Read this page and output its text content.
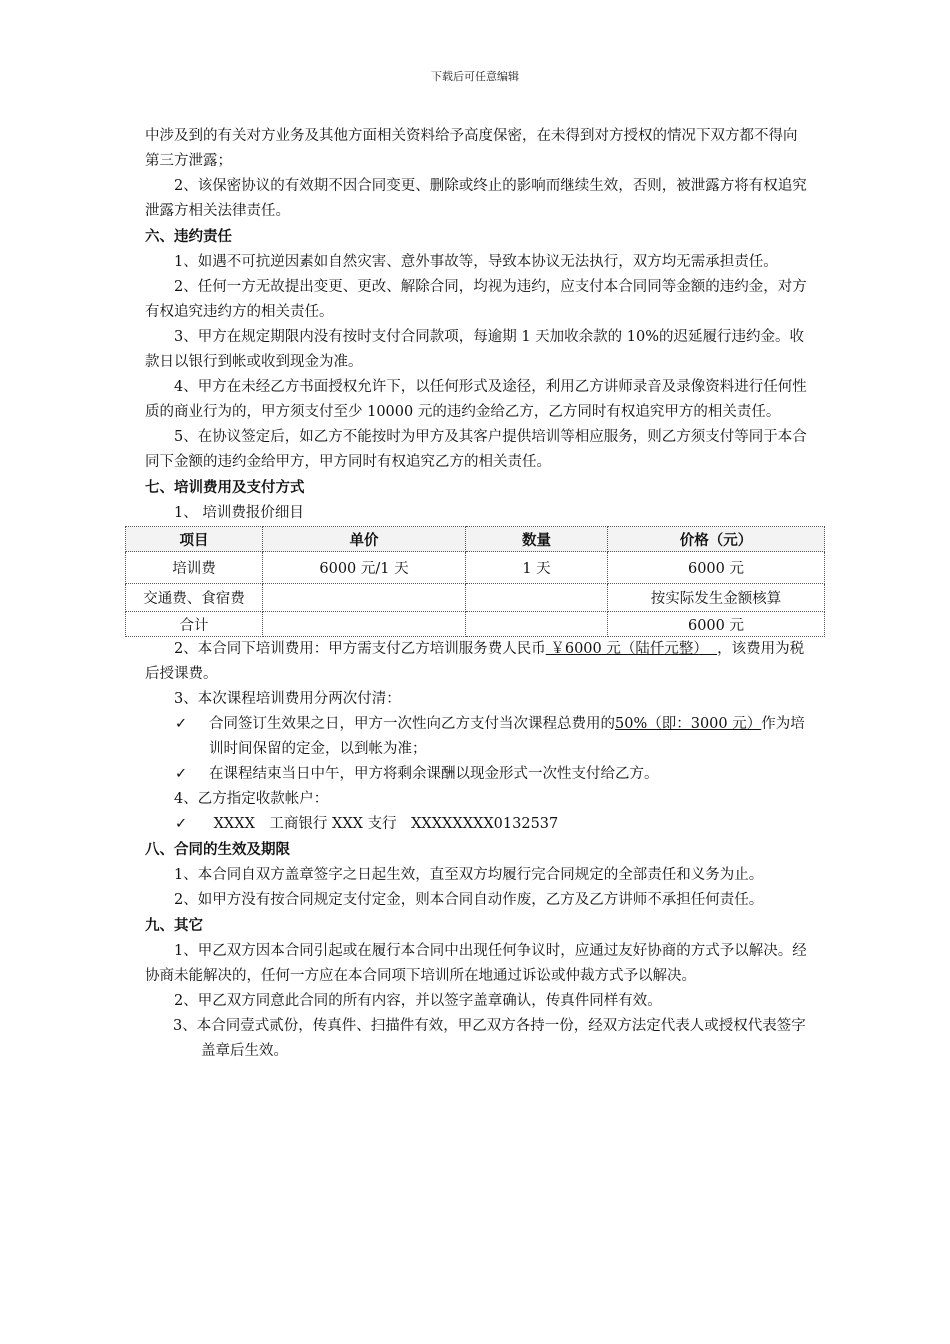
下载后可任意编辑

中涉及到的有关对方业务及其他方面相关资料给予高度保密，在未得到对方授权的情况下双方都不得向第三方泄露；

2、该保密协议的有效期不因合同变更、删除或终止的影响而继续生效，否则，被泄露方将有权追究泄露方相关法律责任。

六、违约责任

1、如遇不可抗逆因素如自然灾害、意外事故等，导致本协议无法执行，双方均无需承担责任。

2、任何一方无故提出变更、更改、解除合同，均视为违约，应支付本合同同等金额的违约金，对方有权追究违约方的相关责任。

3、甲方在规定期限内没有按时支付合同款项，每逾期 1 天加收余款的 10%的迟延履行违约金。收款日以银行到帐或收到现金为准。

4、甲方在未经乙方书面授权允许下，以任何形式及途径，利用乙方讲师录音及录像资料进行任何性质的商业行为的，甲方须支付至少 10000 元的违约金给乙方，乙方同时有权追究甲方的相关责任。

5、在协议签定后，如乙方不能按时为甲方及其客户提供培训等相应服务，则乙方须支付等同于本合同下金额的违约金给甲方，甲方同时有权追究乙方的相关责任。

七、培训费用及支付方式

1、 培训费报价细目

项目	单价	数量	价格（元）
培训费	6000 元/1 天	1 天	6000 元
交通费、食宿费			按实际发生金额核算
合计			6000 元

2、本合同下培训费用：甲方需支付乙方培训服务费人民币 ￥6000 元（陆仟元整）  ，该费用为税后授课费。

3、本次课程培训费用分两次付清：

✓	合同签订生效果之日，甲方一次性向乙方支付当次课程总费用的50%（即：3000 元）作为培训时间保留的定金，以到帐为准；
✓	在课程结束当日中午，甲方将剩余课酬以现金形式一次性支付给乙方。

4、乙方指定收款帐户：

✓	XXXX　工商银行 XXX 支行　XXXXXXXX0132537
八、合同的生效及期限

1、本合同自双方盖章签字之日起生效，直至双方均履行完合同规定的全部责任和义务为止。

2、如甲方没有按合同规定支付定金，则本合同自动作废，乙方及乙方讲师不承担任何责任。

九、其它

1、甲乙双方因本合同引起或在履行本合同中出现任何争议时，应通过友好协商的方式予以解决。经协商未能解决的，任何一方应在本合同项下培训所在地通过诉讼或仲裁方式予以解决。

2、甲乙双方同意此合同的所有内容，并以签字盖章确认，传真件同样有效。

3、本合同壹式贰份，传真件、扫描件有效，甲乙双方各持一份，经双方法定代表人或授权代表签字盖章后生效。
